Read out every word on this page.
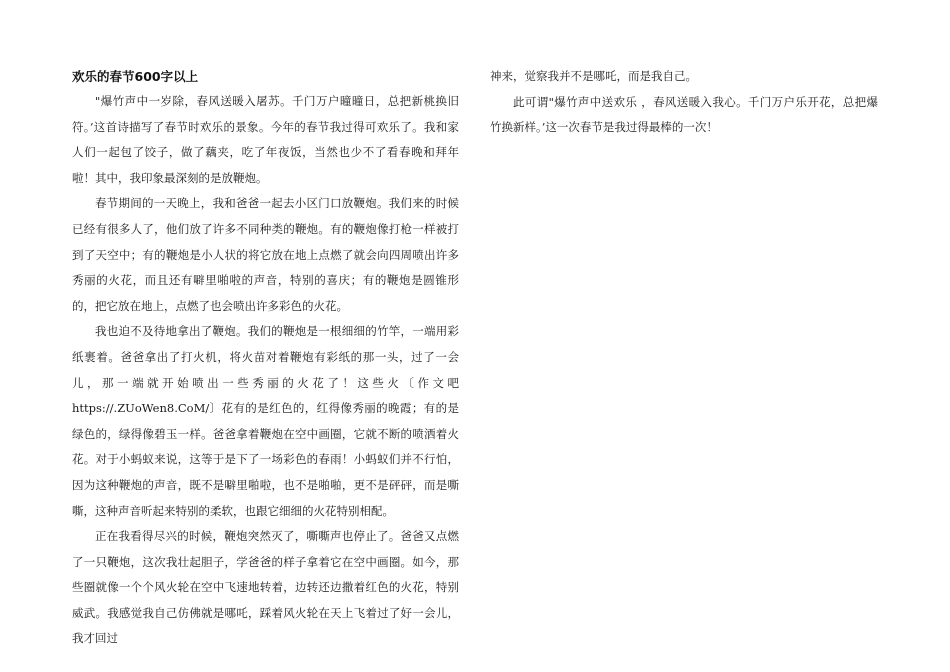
欢乐的春节600字以上

"爆竹声中一岁除，春风送暖入屠苏。千门万户曈曈日，总把新桃换旧符。’这首诗描写了春节时欢乐的景象。今年的春节我过得可欢乐了。我和家人们一起包了饺子，做了藕夹，吃了年夜饭，当然也少不了看春晚和拜年啦！其中，我印象最深刻的是放鞭炮。

春节期间的一天晚上，我和爸爸一起去小区门口放鞭炮。我们来的时候已经有很多人了，他们放了许多不同种类的鞭炮。有的鞭炮像打枪一样被打到了天空中；有的鞭炮是小人状的将它放在地上点燃了就会向四周喷出许多秀丽的火花，而且还有噼里啪啦的声音，特别的喜庆；有的鞭炮是圆锥形的，把它放在地上，点燃了也会喷出许多彩色的火花。

我也迫不及待地拿出了鞭炮。我们的鞭炮是一根细细的竹竿，一端用彩纸裹着。爸爸拿出了打火机，将火苗对着鞭炮有彩纸的那一头，过了一会儿，那一端就开始喷出一些秀丽的火花了！这些火〔作文吧 https://.ZUoWen8.CoM/〕花有的是红色的，红得像秀丽的晚霞；有的是绿色的，绿得像碧玉一样。爸爸拿着鞭炮在空中画圈，它就不断的喷洒着火花。对于小蚂蚁来说，这等于是下了一场彩色的春雨！小蚂蚁们并不行怕，因为这种鞭炮的声音，既不是噼里啪啦，也不是啪啪，更不是砰砰，而是嘶嘶，这种声音听起来特别的柔软，也跟它细细的火花特别相配。

正在我看得尽兴的时候，鞭炮突然灭了，嘶嘶声也停止了。爸爸又点燃了一只鞭炮，这次我壮起胆子，学爸爸的样子拿着它在空中画圈。如今，那些圈就像一个个风火轮在空中飞速地转着，边转还边撒着红色的火花，特别威武。我感觉我自己仿佛就是哪吒，踩着风火轮在天上飞着过了好一会儿，我才回过

神来，觉察我并不是哪吒，而是我自己。

此可谓"爆竹声中送欢乐 ，春风送暖入我心。千门万户乐开花，总把爆竹换新样。’这一次春节是我过得最棒的一次！
